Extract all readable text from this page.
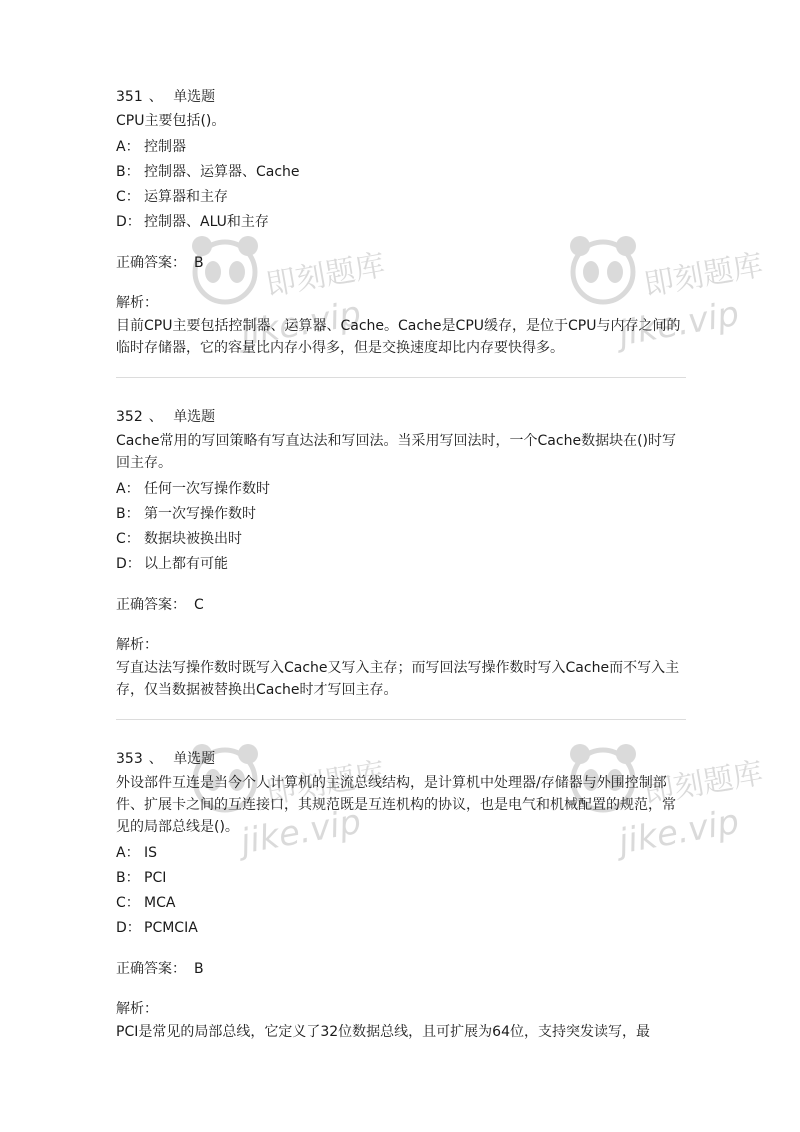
即刻题库
jike.vip
即刻题库
jike.vip
即刻题库
jike.vip
即刻题库
jike.vip
351 、 单选题
CPU主要包括()。
A： 控制器
B： 控制器、运算器、Cache
C： 运算器和主存
D： 控制器、ALU和主存
正确答案： B
解析：
目前CPU主要包括控制器、运算器、Cache。Cache是CPU缓存，是位于CPU与内存之间的临时存储器，它的容量比内存小得多，但是交换速度却比内存要快得多。
352 、 单选题
Cache常用的写回策略有写直达法和写回法。当采用写回法时，一个Cache数据块在()时写回主存。
A： 任何一次写操作数时
B： 第一次写操作数时
C： 数据块被换出时
D： 以上都有可能
正确答案： C
解析：
写直达法写操作数时既写入Cache又写入主存；而写回法写操作数时写入Cache而不写入主存，仅当数据被替换出Cache时才写回主存。
353 、 单选题
外设部件互连是当今个人计算机的主流总线结构，是计算机中处理器/存储器与外围控制部件、扩展卡之间的互连接口，其规范既是互连机构的协议，也是电气和机械配置的规范，常见的局部总线是()。
A： IS
B： PCI
C： MCA
D： PCMCIA
正确答案： B
解析：
PCI是常见的局部总线，它定义了32位数据总线，且可扩展为64位，支持突发读写，最
